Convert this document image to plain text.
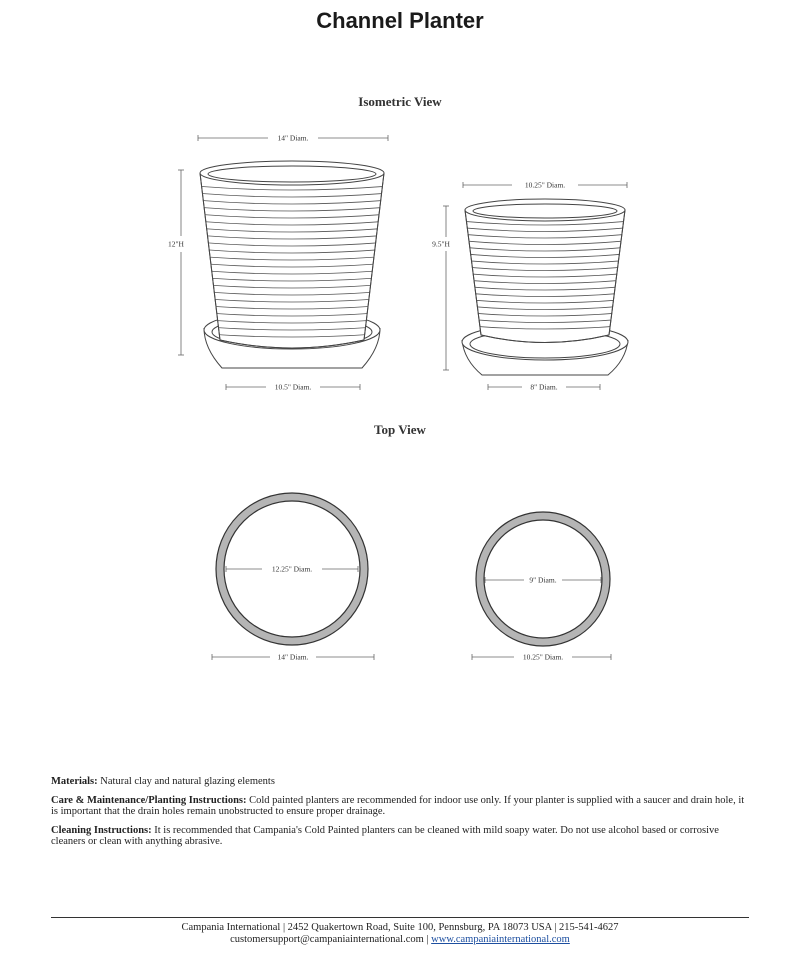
Channel Planter
Isometric View
Top View
14" Diam.
12"H
10.5" Diam.
10.25" Diam.
9.5"H
8" Diam.
12.25" Diam.
14" Diam.
9" Diam.
10.25" Diam.

Materials: Natural clay and natural glazing elements

Care & Maintenance/Planting Instructions: Cold painted planters are recommended for indoor use only. If your planter is supplied with a saucer and drain hole, it is important that the drain holes remain unobstructed to ensure proper drainage.

Cleaning Instructions: It is recommended that Campania's Cold Painted planters can be cleaned with mild soapy water. Do not use alcohol based or corrosive cleaners or clean with anything abrasive.

Campania International | 2452 Quakertown Road, Suite 100, Pennsburg, PA 18073 USA | 215-541-4627
customersupport@campaniainternational.com | www.campaniainternational.com
